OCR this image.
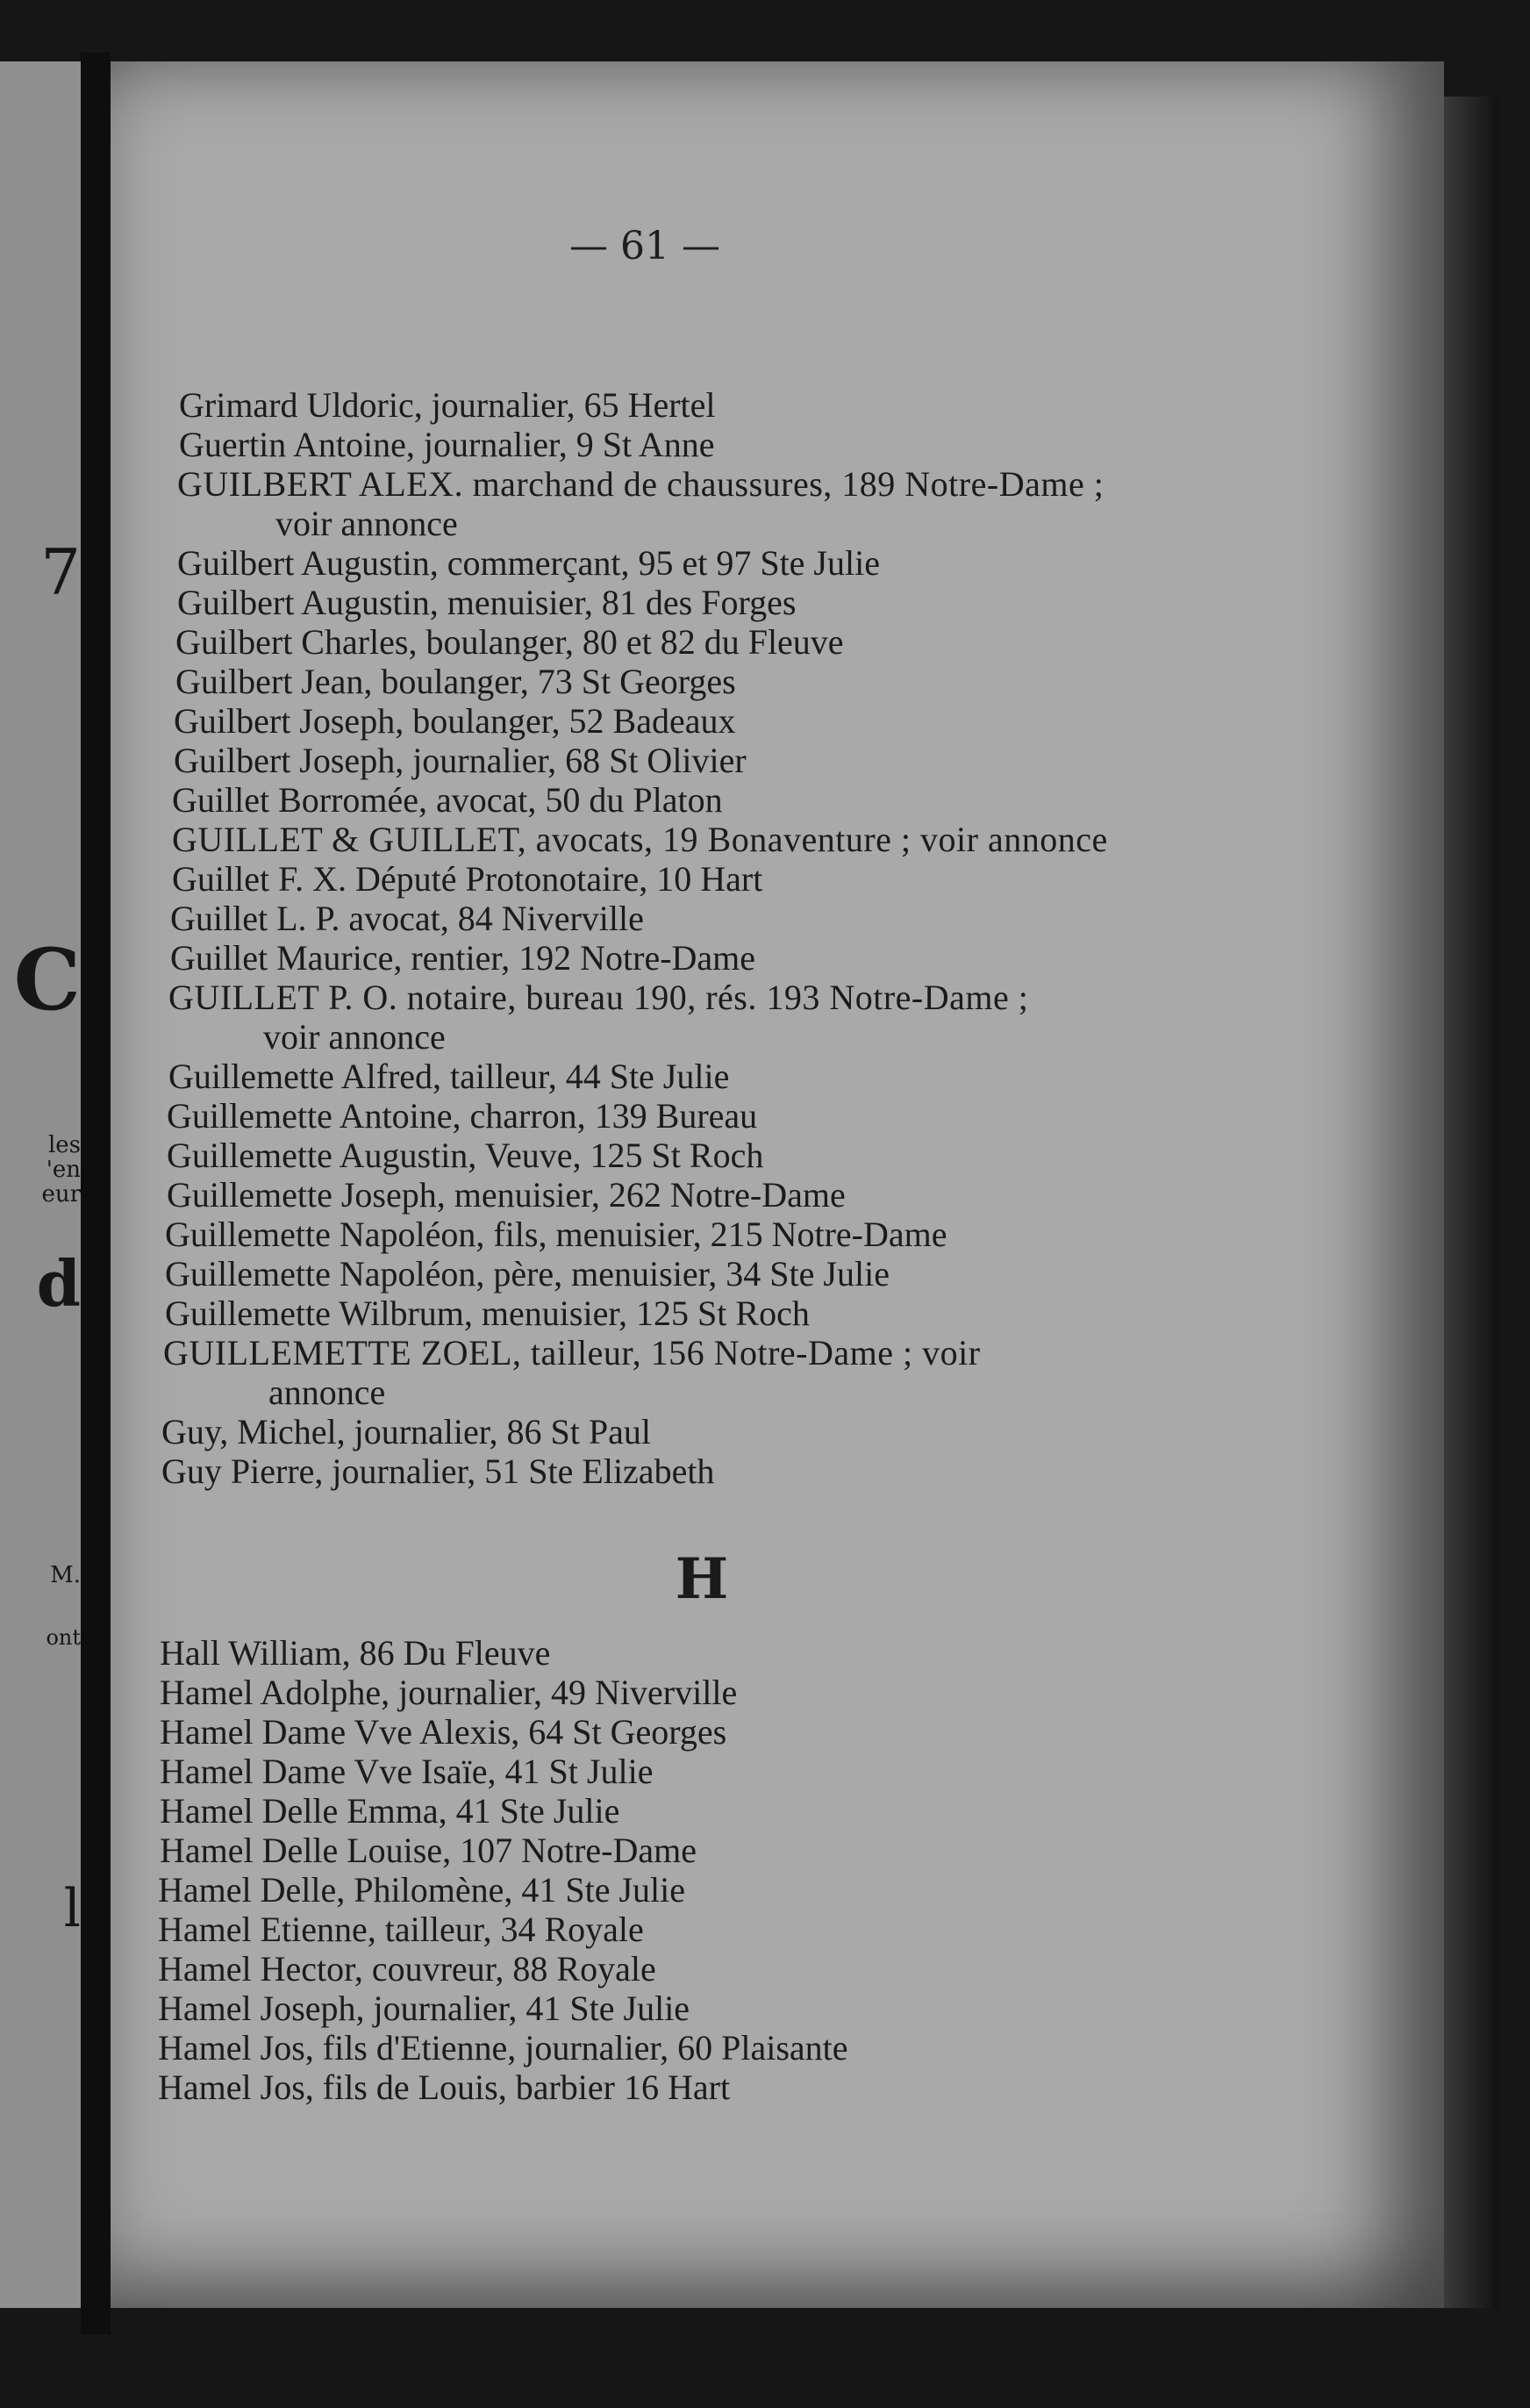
7
C
les
'en
eur
d
M.
ont
l
— 61 —
Grimard Uldoric, journalier, 65 Hertel
Guertin Antoine, journalier, 9 St Anne
GUILBERT ALEX. marchand de chaussures, 189 Notre-Dame ;
voir annonce
Guilbert Augustin, commerçant, 95 et 97 Ste Julie
Guilbert Augustin, menuisier, 81 des Forges
Guilbert Charles, boulanger, 80 et 82 du Fleuve
Guilbert Jean, boulanger, 73 St Georges
Guilbert Joseph, boulanger, 52 Badeaux
Guilbert Joseph, journalier, 68 St Olivier
Guillet Borromée, avocat, 50 du Platon
GUILLET & GUILLET, avocats, 19 Bonaventure ; voir annonce
Guillet F. X. Député Protonotaire, 10 Hart
Guillet L. P. avocat, 84 Niverville
Guillet Maurice, rentier, 192 Notre-Dame
GUILLET P. O. notaire, bureau 190, rés. 193 Notre-Dame ;
voir annonce
Guillemette Alfred, tailleur, 44 Ste Julie
Guillemette Antoine, charron, 139 Bureau
Guillemette Augustin, Veuve, 125 St Roch
Guillemette Joseph, menuisier, 262 Notre-Dame
Guillemette Napoléon, fils, menuisier, 215 Notre-Dame
Guillemette Napoléon, père, menuisier, 34 Ste Julie
Guillemette Wilbrum, menuisier, 125 St Roch
GUILLEMETTE ZOEL, tailleur, 156 Notre-Dame ; voir
annonce
Guy, Michel, journalier, 86 St Paul
Guy Pierre, journalier, 51 Ste Elizabeth
H
Hall William, 86 Du Fleuve
Hamel Adolphe, journalier, 49 Niverville
Hamel Dame Vve Alexis, 64 St Georges
Hamel Dame Vve Isaïe, 41 St Julie
Hamel Delle Emma, 41 Ste Julie
Hamel Delle Louise, 107 Notre-Dame
Hamel Delle, Philomène, 41 Ste Julie
Hamel Etienne, tailleur, 34 Royale
Hamel Hector, couvreur, 88 Royale
Hamel Joseph, journalier, 41 Ste Julie
Hamel Jos, fils d'Etienne, journalier, 60 Plaisante
Hamel Jos, fils de Louis, barbier 16 Hart
